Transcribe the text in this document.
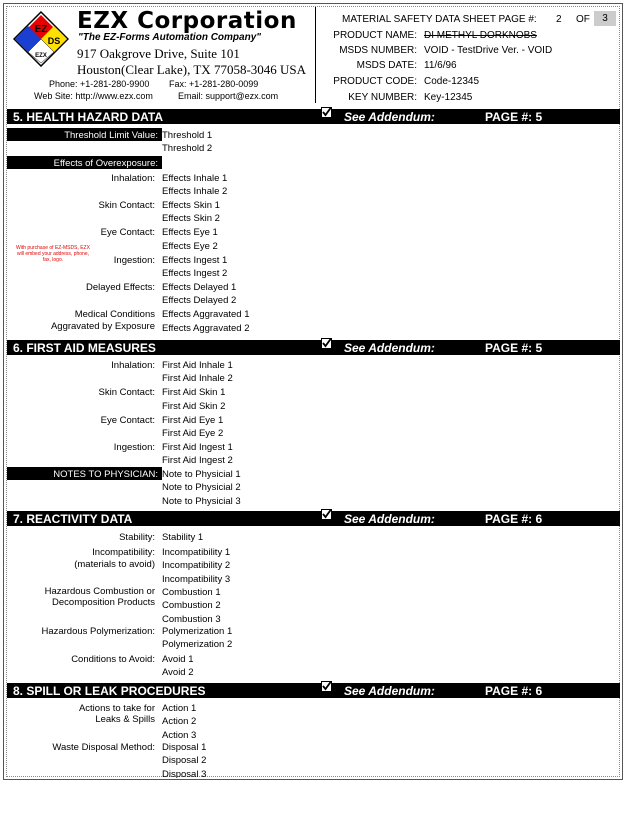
EZ
DS
EZX
EZX Corporation
"The EZ-Forms Automation Company"
917 Oakgrove Drive, Suite 101
Houston(Clear Lake), TX 77058-3046 USA
Phone: +1-281-280-9900 Fax: +1-281-280-0099
Web Site: http://www.ezx.com	Email: support@ezx.com
MATERIAL SAFETY DATA SHEET PAGE #: 2 OF	3
PRODUCT NAME: DI METHYL DORKNOBS
MSDS NUMBER: VOID - TestDrive Ver. - VOID
MSDS DATE: 11/6/96
PRODUCT CODE: Code-12345
KEY NUMBER: Key-12345
5. HEALTH HAZARD DATA	See Addendum:	PAGE #: 5
Threshold Limit Value: Threshold 1
Threshold 2
Effects of Overexposure:
Inhalation: Effects Inhale 1
Effects Inhale 2
Skin Contact: Effects Skin 1
Effects Skin 2
Eye Contact: Effects Eye 1
Effects Eye 2
Ingestion: Effects Ingest 1
Effects Ingest 2
Delayed Effects: Effects Delayed 1
Effects Delayed 2
Medical Conditions
Aggravated by Exposure
Effects Aggravated 1
Effects Aggravated 2
With purchase of EZ-MSDS, EZX will embed your address, phone, fax, logo.
6. FIRST AID MEASURES	See Addendum:	PAGE #: 5
Inhalation: First Aid Inhale 1
First Aid Inhale 2
Skin Contact: First Aid Skin 1
First Aid Skin 2
Eye Contact: First Aid Eye 1
First Aid Eye 2
Ingestion: First Aid Ingest 1
First Aid Ingest 2
NOTES TO PHYSICIAN: Note to Physicial 1
Note to Physicial 2
Note to Physicial 3
7. REACTIVITY DATA	See Addendum:	PAGE #: 6
Stability: Stability 1
Incompatibility:
(materials to avoid)
Incompatibility 1
Incompatibility 2
Incompatibility 3
Hazardous Combustion or
Decomposition Products
Combustion 1
Combustion 2
Combustion 3
Hazardous Polymerization: Polymerization 1
Polymerization 2
Conditions to Avoid: Avoid 1
Avoid 2
8. SPILL OR LEAK PROCEDURES	See Addendum:	PAGE #: 6
Actions to take for
Leaks & Spills
Action 1
Action 2
Action 3
Waste Disposal Method: Disposal 1
Disposal 2
Disposal 3
